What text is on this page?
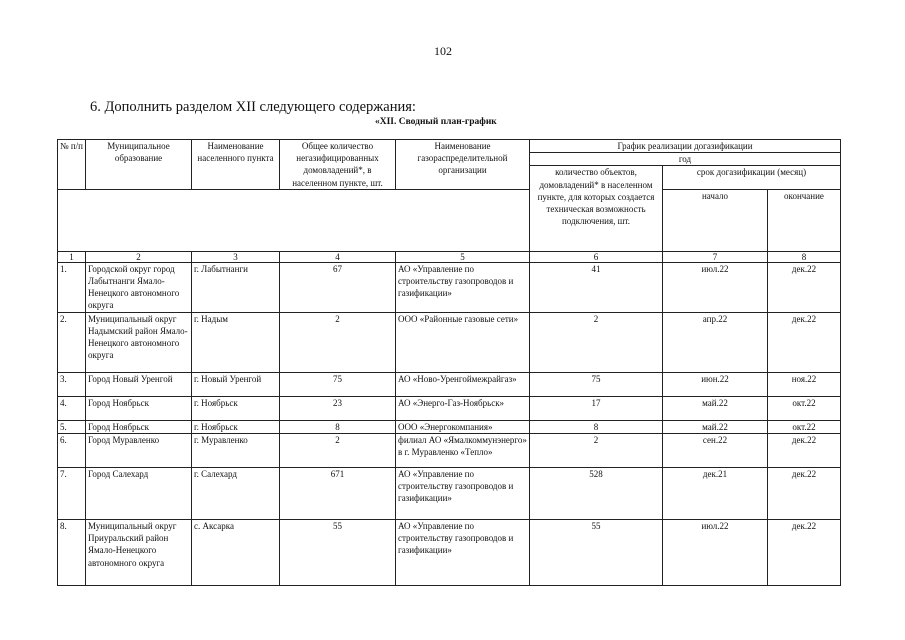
102
6. Дополнить разделом XII следующего содержания:
«XII. Сводный план-график
№ п/п	Муниципальное образование	Наименование населенного пункта	Общее количество негазифицированных домовладений*, в населенном пункте, шт.	Наименование газораспределительной организации	График реализации догазификации		
					год		
					количество объектов, домовладений* в населенном пункте, для которых создается техническая возможность подключения, шт.	срок догазификации (месяц)	
						начало	окончание
1	2	3	4	5	6	7	8
1.	Городской округ город Лабытнанги Ямало-Ненецкого автономного округа	г. Лабытнанги	67	АО «Управление по строительству газопроводов и газификации»	41	июл.22	дек.22
2.	Муниципальный округ Надымский район Ямало-Ненецкого автономного округа	г. Надым	2	ООО «Районные газовые сети»	2	апр.22	дек.22
3.	Город Новый Уренгой	г. Новый Уренгой	75	АО «Ново-Уренгоймежрайгаз»	75	июн.22	ноя.22
4.	Город Ноябрьск	г. Ноябрьск	23	АО «Энерго-Газ-Ноябрьск»	17	май.22	окт.22
5.	Город Ноябрьск	г. Ноябрьск	8	ООО «Энергокомпания»	8	май.22	окт.22
6.	Город Муравленко	г. Муравленко	2	филиал АО «Ямалкоммунэнерго» в г. Муравленко «Тепло»	2	сен.22	дек.22
7.	Город Салехард	г. Салехард	671	АО «Управление по строительству газопроводов и газификации»	528	дек.21	дек.22
8.	Муниципальный округ Приуральский район Ямало-Ненецкого автономного округа	с. Аксарка	55	АО «Управление по строительству газопроводов и газификации»	55	июл.22	дек.22
